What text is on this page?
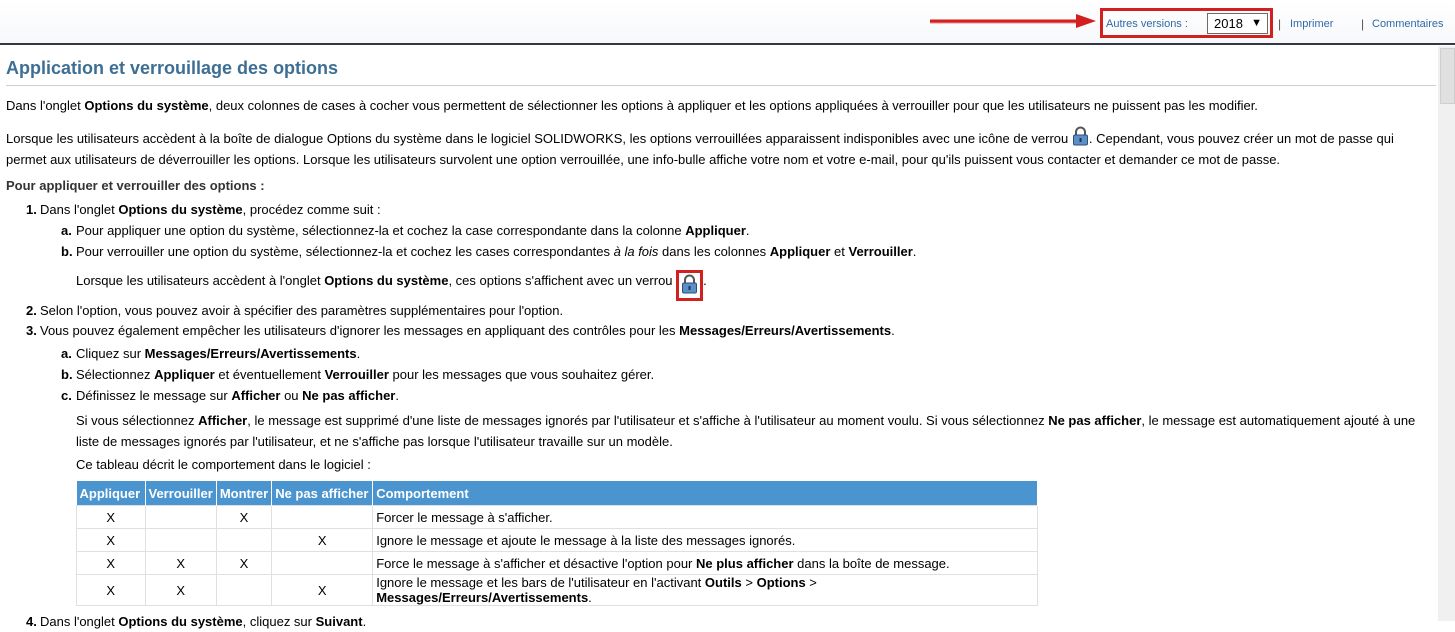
Autres versions :	2018 ▼ | Imprimer | Commentaires
Application et verrouillage des options

Dans l'onglet Options du système, deux colonnes de cases à cocher vous permettent de sélectionner les options à appliquer et les options appliquées à verrouiller pour que les utilisateurs ne puissent pas les modifier.

Lorsque les utilisateurs accèdent à la boîte de dialogue Options du système dans le logiciel SOLIDWORKS, les options verrouillées apparaissent indisponibles avec une icône de verrou . Cependant, vous pouvez créer un mot de passe qui permet aux utilisateurs de déverrouiller les options. Lorsque les utilisateurs survolent une option verrouillée, une info-bulle affiche votre nom et votre e-mail, pour qu'ils puissent vous contacter et demander ce mot de passe.

Pour appliquer et verrouiller des options :
1. Dans l'onglet Options du système, procédez comme suit :
a. Pour appliquer une option du système, sélectionnez-la et cochez la case correspondante dans la colonne Appliquer.
b. Pour verrouiller une option du système, sélectionnez-la et cochez les cases correspondantes à la fois dans les colonnes Appliquer et Verrouiller.
Lorsque les utilisateurs accèdent à l'onglet Options du système, ces options s'affichent avec un verrou .
2. Selon l'option, vous pouvez avoir à spécifier des paramètres supplémentaires pour l'option.
3. Vous pouvez également empêcher les utilisateurs d'ignorer les messages en appliquant des contrôles pour les Messages/Erreurs/Avertissements.
a. Cliquez sur Messages/Erreurs/Avertissements.
b. Sélectionnez Appliquer et éventuellement Verrouiller pour les messages que vous souhaitez gérer.
c. Définissez le message sur Afficher ou Ne pas afficher.
Si vous sélectionnez Afficher, le message est supprimé d'une liste de messages ignorés par l'utilisateur et s'affiche à l'utilisateur au moment voulu. Si vous sélectionnez Ne pas afficher, le message est automatiquement ajouté à une liste de messages ignorés par l'utilisateur, et ne s'affiche pas lorsque l'utilisateur travaille sur un modèle.
Ce tableau décrit le comportement dans le logiciel :
Appliquer	Verrouiller	Montrer	Ne pas afficher	Comportement
X		X		Forcer le message à s'afficher.
X			X	Ignore le message et ajoute le message à la liste des messages ignorés.
X	X	X		Force le message à s'afficher et désactive l'option pour Ne plus afficher dans la boîte de message.
X	X		X	Ignore le message et les bars de l'utilisateur en l'activant Outils > Options > Messages/Erreurs/Avertissements.
4. Dans l'onglet Options du système, cliquez sur Suivant.
